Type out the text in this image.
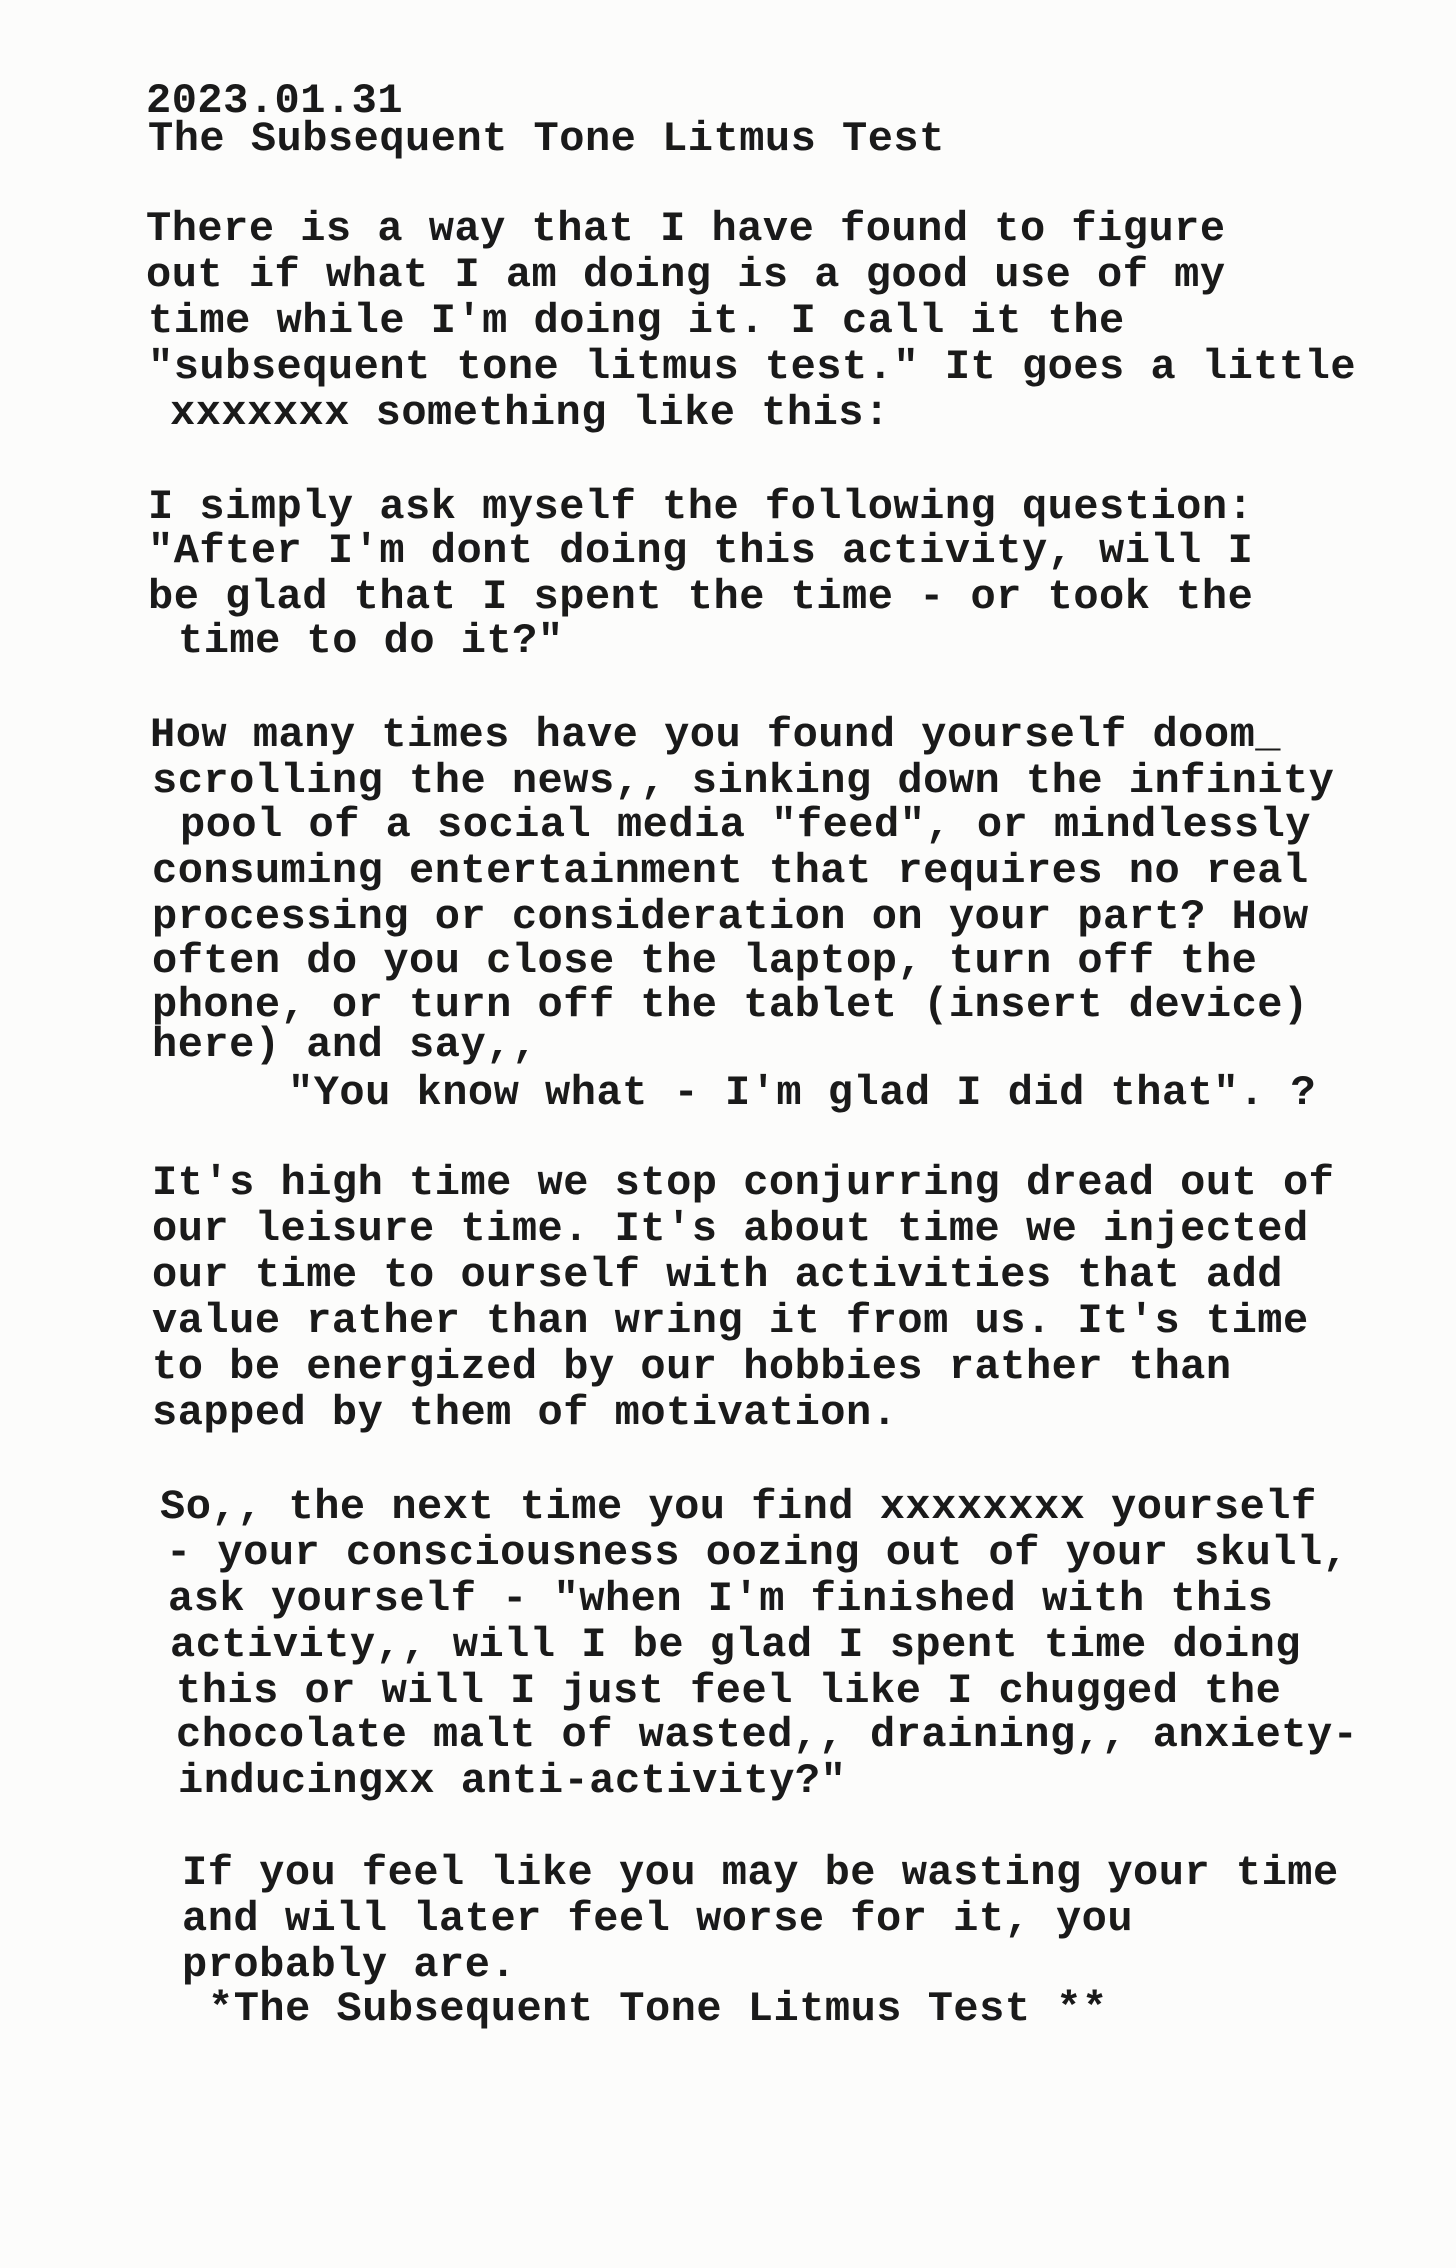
2023.01.31
The Subsequent Tone Litmus Test
There is a way that I have found to figure
out if what I am doing is a good use of my
time while I'm doing it. I call it the
"subsequent tone litmus test." It goes a little
xxxxxxx something like this:
I simply ask myself the following question:
"After I'm dont doing this activity, will I
be glad that I spent the time - or took the
time to do it?"
How many times have you found yourself doom_
scrolling the news,, sinking down the infinity
pool of a social media "feed", or mindlessly
consuming entertainment that requires no real
processing or consideration on your part? How
often do you close the laptop, turn off the
phone, or turn off the tablet (insert device)
here) and say,,
"You know what - I'm glad I did that". ?
It's high time we stop conjurring dread out of
our leisure time. It's about time we injected
our time to ourself with activities that add
value rather than wring it from us. It's time
to be energized by our hobbies rather than
sapped by them of motivation.
So,, the next time you find xxxxxxxx yourself
- your consciousness oozing out of your skull,
ask yourself - "when I'm finished with this
activity,, will I be glad I spent time doing
this or will I just feel like I chugged the
chocolate malt of wasted,, draining,, anxiety-
inducingxx anti-activity?"
If you feel like you may be wasting your time
and will later feel worse for it, you
probably are.
*The Subsequent Tone Litmus Test **
